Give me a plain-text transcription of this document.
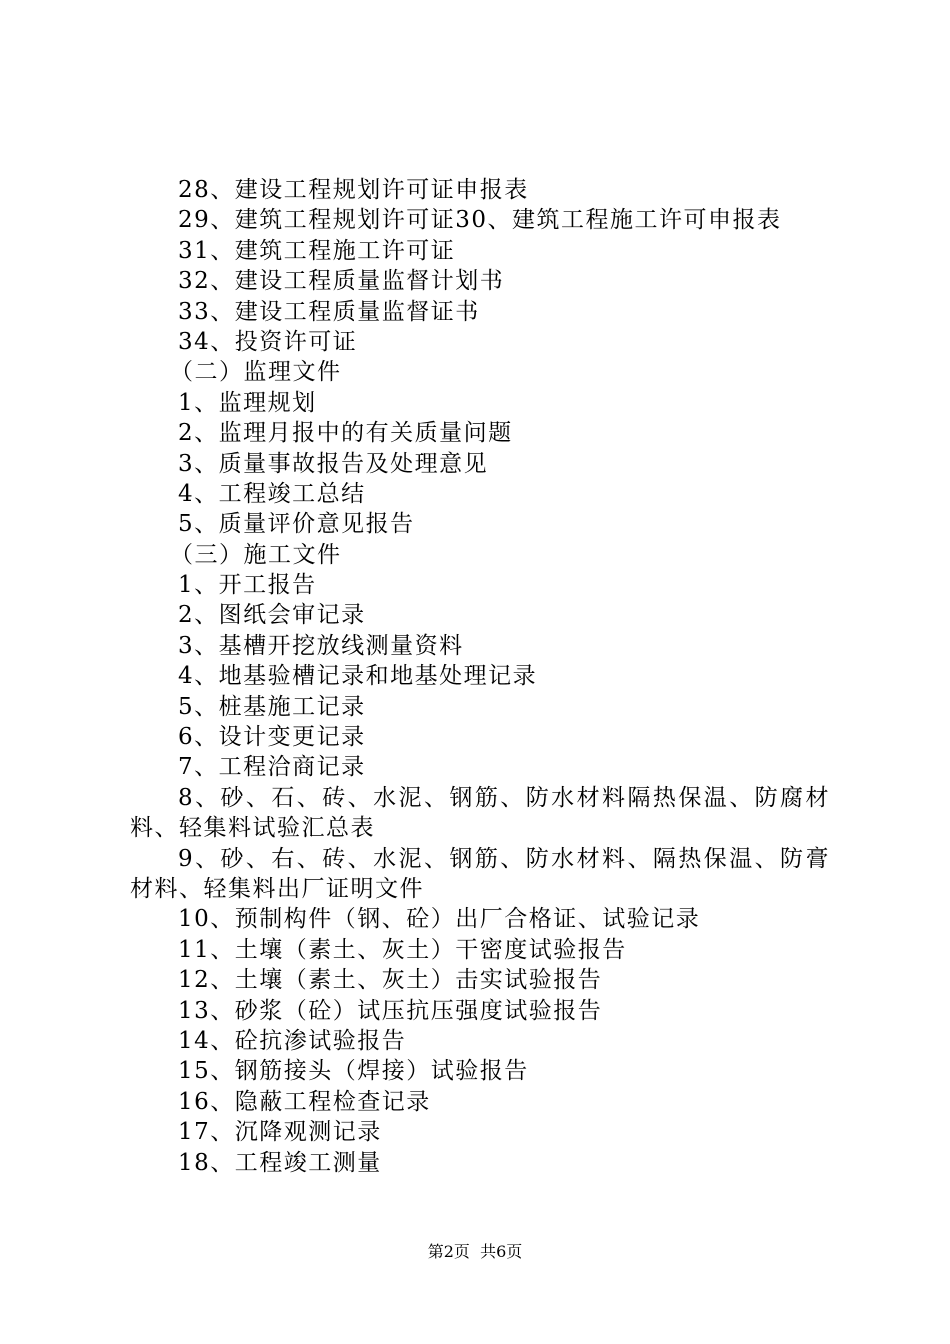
28、建设工程规划许可证申报表
29、建筑工程规划许可证30、建筑工程施工许可申报表
31、建筑工程施工许可证
32、建设工程质量监督计划书
33、建设工程质量监督证书
34、投资许可证
（二）监理文件
1、监理规划
2、监理月报中的有关质量问题
3、质量事故报告及处理意见
4、工程竣工总结
5、质量评价意见报告
（三）施工文件
1、开工报告
2、图纸会审记录
3、基槽开挖放线测量资料
4、地基验槽记录和地基处理记录
5、桩基施工记录
6、设计变更记录
7、工程洽商记录
8、砂、石、砖、水泥、钢筋、防水材料隔热保温、防腐材料、轻集料试验汇总表
9、砂、右、砖、水泥、钢筋、防水材料、隔热保温、防膏材料、轻集料出厂证明文件
10、预制构件（钢、砼）出厂合格证、试验记录
11、土壤（素土、灰土）干密度试验报告
12、土壤（素土、灰土）击实试验报告
13、砂浆（砼）试压抗压强度试验报告
14、砼抗渗试验报告
15、钢筋接头（焊接）试验报告
16、隐蔽工程检查记录
17、沉降观测记录
18、工程竣工测量
第2页  共6页
